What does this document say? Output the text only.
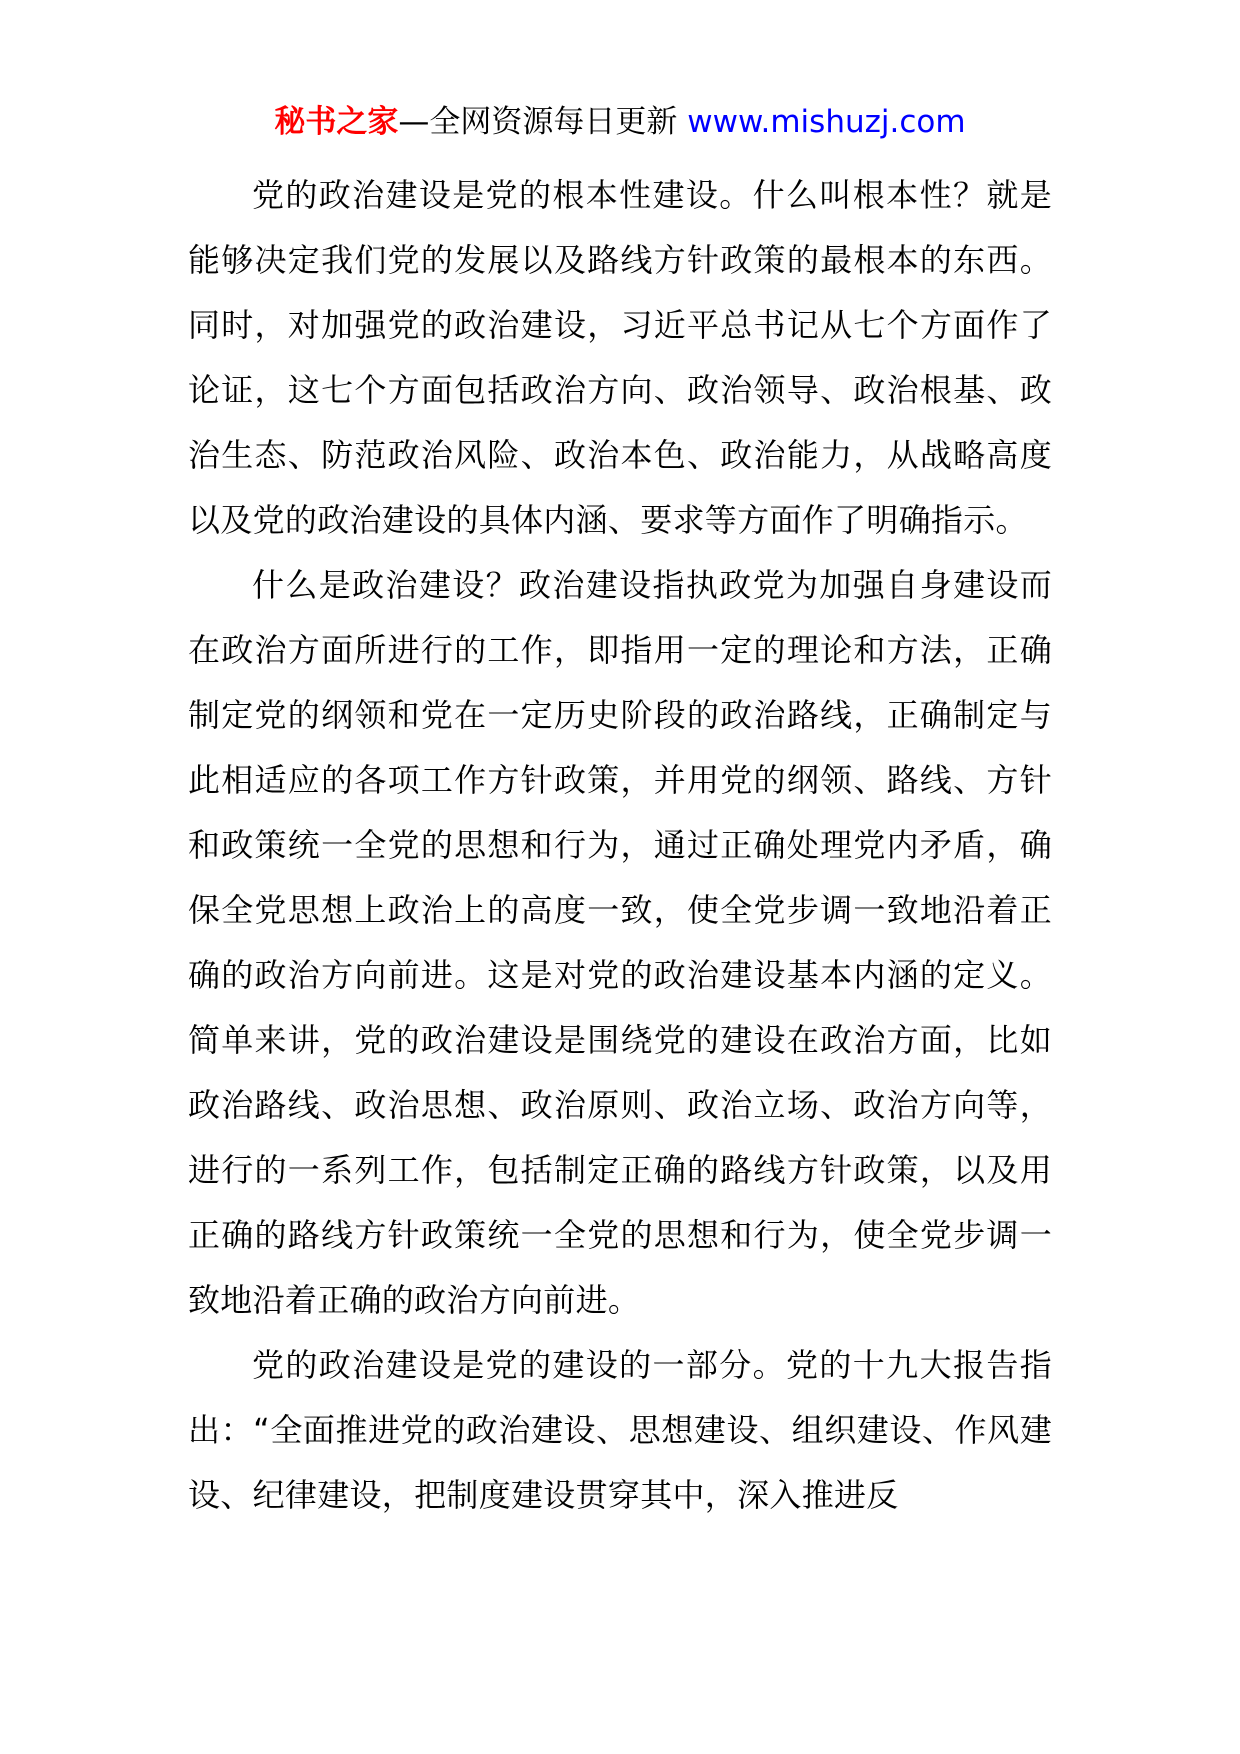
秘书之家—全网资源每日更新 www.mishuzj.com

党的政治建设是党的根本性建设。什么叫根本性？就是能够决定我们党的发展以及路线方针政策的最根本的东西。同时，对加强党的政治建设，习近平总书记从七个方面作了论证，这七个方面包括政治方向、政治领导、政治根基、政治生态、防范政治风险、政治本色、政治能力，从战略高度以及党的政治建设的具体内涵、要求等方面作了明确指示。

什么是政治建设？政治建设指执政党为加强自身建设而在政治方面所进行的工作，即指用一定的理论和方法，正确制定党的纲领和党在一定历史阶段的政治路线，正确制定与此相适应的各项工作方针政策，并用党的纲领、路线、方针和政策统一全党的思想和行为，通过正确处理党内矛盾，确保全党思想上政治上的高度一致，使全党步调一致地沿着正确的政治方向前进。这是对党的政治建设基本内涵的定义。简单来讲，党的政治建设是围绕党的建设在政治方面，比如政治路线、政治思想、政治原则、政治立场、政治方向等，进行的一系列工作，包括制定正确的路线方针政策，以及用正确的路线方针政策统一全党的思想和行为，使全党步调一致地沿着正确的政治方向前进。

党的政治建设是党的建设的一部分。党的十九大报告指出：“全面推进党的政治建设、思想建设、组织建设、作风建设、纪律建设，把制度建设贯穿其中，深入推进反
